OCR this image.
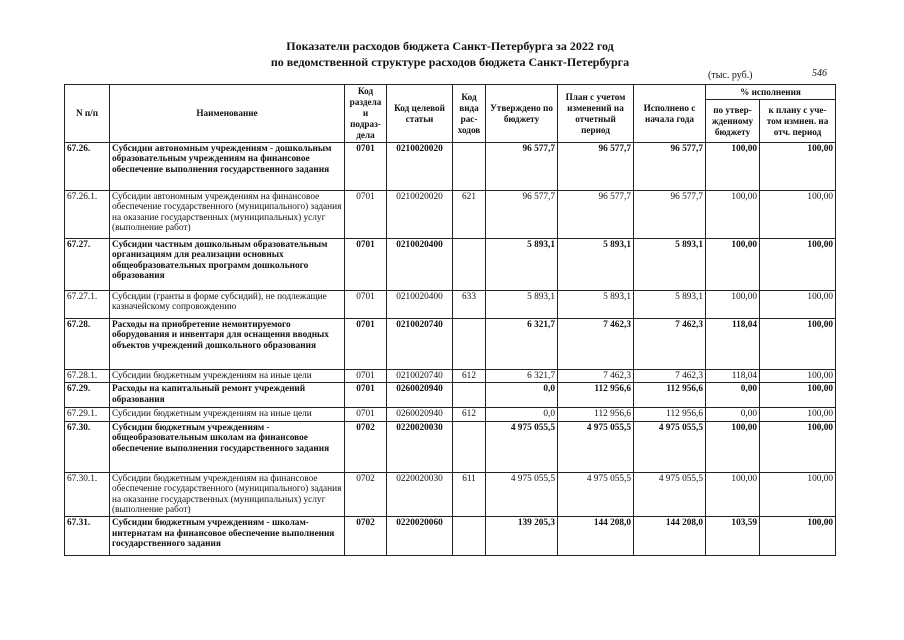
Показатели расходов бюджета Санкт-Петербурга за 2022 год
по ведомственной структуре расходов бюджета Санкт-Петербурга
(тыс. руб.)	546
N п/п	Наименование	Код раздела и подраз-дела	Код целевой статьи	Код вида рас-ходов	Утверждено по бюджету	План с учетом изменений на отчетный период	Исполнено с начала года	% исполнения	
								по утвер-жденному бюджету	к плану с уче-том измнен. на отч. период
67.26.	Субсидии автономным учреждениям - дошкольным образовательным учреждениям на финансовое обеспечение выполнения государственного задания	0701	0210020020		96 577,7	96 577,7	96 577,7	100,00	100,00
67.26.1.	Субсидии автономным учреждениям на финансовое обеспечение государственного (муниципального) задания на оказание государственных (муниципальных) услуг (выполнение работ)	0701	0210020020	621	96 577,7	96 577,7	96 577,7	100,00	100,00
67.27.	Субсидии частным дошкольным образовательным организациям для реализации основных общеобразовательных программ дошкольного образования	0701	0210020400		5 893,1	5 893,1	5 893,1	100,00	100,00
67.27.1.	Субсидии (гранты в форме субсидий), не подлежащие казначейскому сопровождению	0701	0210020400	633	5 893,1	5 893,1	5 893,1	100,00	100,00
67.28.	Расходы на приобретение немонтируемого оборудования и инвентаря для оснащения вводных объектов учреждений дошкольного образования	0701	0210020740		6 321,7	7 462,3	7 462,3	118,04	100,00
67.28.1.	Субсидии бюджетным учреждениям на иные цели	0701	0210020740	612	6 321,7	7 462,3	7 462,3	118,04	100,00
67.29.	Расходы на капитальный ремонт учреждений образования	0701	0260020940		0,0	112 956,6	112 956,6	0,00	100,00
67.29.1.	Субсидии бюджетным учреждениям на иные цели	0701	0260020940	612	0,0	112 956,6	112 956,6	0,00	100,00
67.30.	Субсидии бюджетным учреждениям - общеобразовательным школам на финансовое обеспечение выполнения государственного задания	0702	0220020030		4 975 055,5	4 975 055,5	4 975 055,5	100,00	100,00
67.30.1.	Субсидии бюджетным учреждениям на финансовое обеспечение государственного (муниципального) задания на оказание государственных (муниципальных) услуг (выполнение работ)	0702	0220020030	611	4 975 055,5	4 975 055,5	4 975 055,5	100,00	100,00
67.31.	Субсидии бюджетным учреждениям - школам-интернатам на финансовое обеспечение выполнения государственного задания	0702	0220020060		139 205,3	144 208,0	144 208,0	103,59	100,00
